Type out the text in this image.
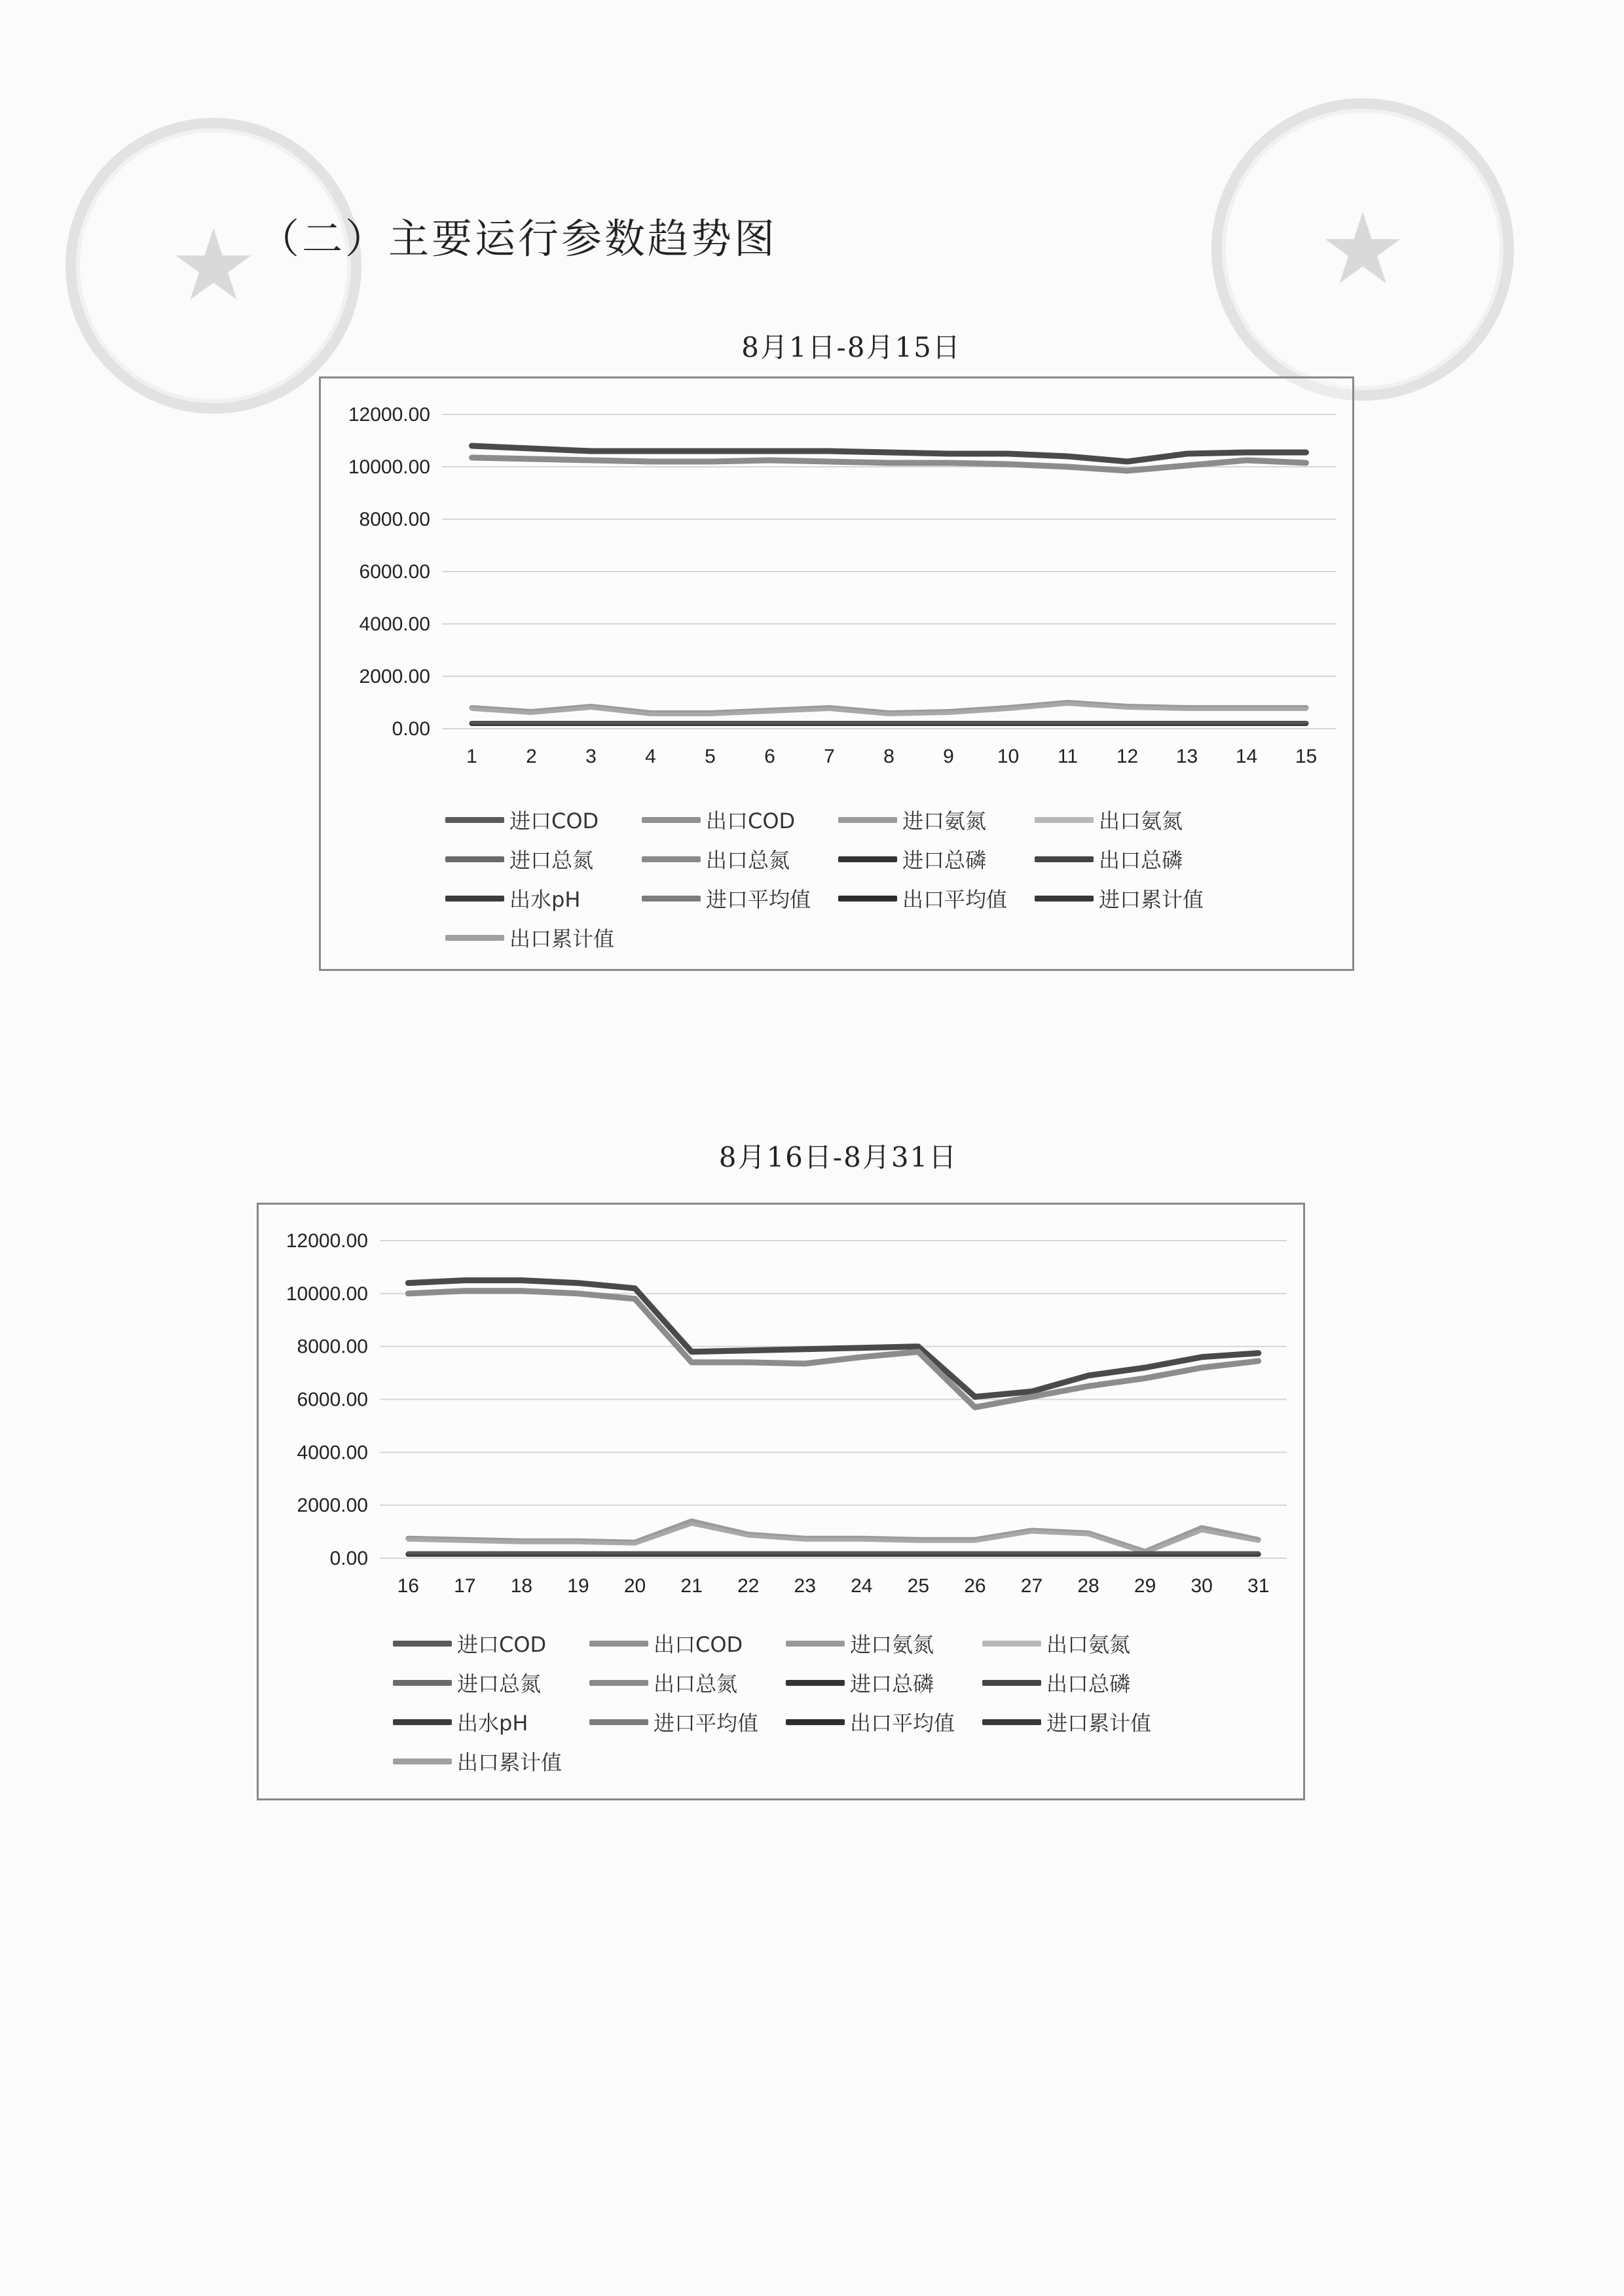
★	★
（二）主要运行参数趋势图
8月1日-8月15日
0.00
2000.00
4000.00
6000.00
8000.00
10000.00
12000.00
1 2 3 4 5 6 7 8 9 10 11 12 13 14 15
进口COD	出口COD	进口氨氮	出口氨氮
进口总氮	出口总氮	进口总磷	出口总磷
出水pH	进口平均值	出口平均值	进口累计值
出口累计值
8月16日-8月31日
0.00
2000.00
4000.00
6000.00
8000.00
10000.00
12000.00
16 17 18 19 20 21 22 23 24 25 26 27 28 29 30 31
进口COD	出口COD	进口氨氮	出口氨氮
进口总氮	出口总氮	进口总磷	出口总磷
出水pH	进口平均值	出口平均值	进口累计值
出口累计值
